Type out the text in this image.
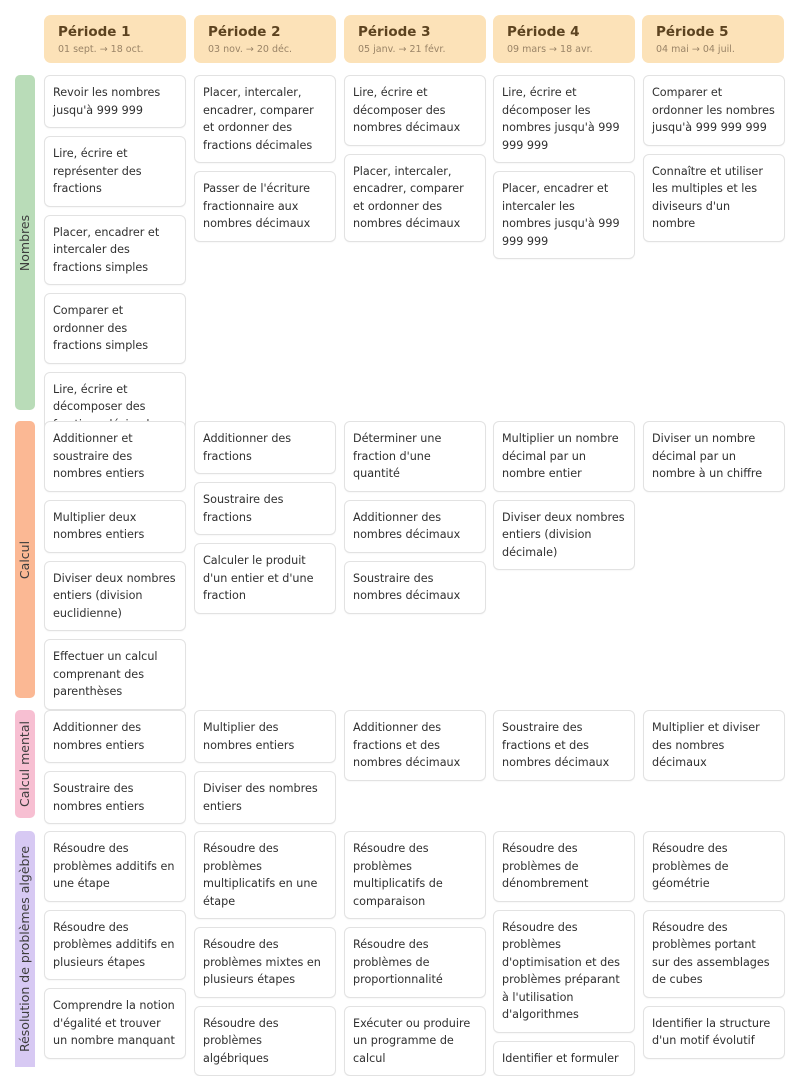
Période 1
01 sept. → 18 oct.
Période 2
03 nov. → 20 déc.
Période 3
05 janv. → 21 févr.
Période 4
09 mars → 18 avr.
Période 5
04 mai → 04 juil.
Nombres
Revoir les nombres jusqu'à 999 999
Lire, écrire et représenter des fractions
Placer, encadrer et intercaler des fractions simples
Comparer et ordonner des fractions simples
Lire, écrire et décomposer des
Placer, intercaler, encadrer, comparer et ordonner des fractions décimales
Passer de l'écriture fractionnaire aux nombres décimaux
Lire, écrire et décomposer des nombres décimaux
Placer, intercaler, encadrer, comparer et ordonner des nombres décimaux
Lire, écrire et décomposer les nombres jusqu'à 999 999 999
Placer, encadrer et intercaler les nombres jusqu'à 999 999 999
Comparer et ordonner les nombres jusqu'à 999 999 999
Connaître et utiliser les multiples et les diviseurs d'un nombre
Calcul
Additionner et soustraire des nombres entiers
Multiplier deux nombres entiers
Diviser deux nombres entiers (division euclidienne)
Effectuer un calcul comprenant des parenthèses
Additionner des fractions
Soustraire des fractions
Calculer le produit d'un entier et d'une fraction
Déterminer une fraction d'une quantité
Additionner des nombres décimaux
Soustraire des nombres décimaux
Multiplier un nombre décimal par un nombre entier
Diviser deux nombres entiers (division décimale)
Diviser un nombre décimal par un nombre à un chiffre
Calcul mental	Additionner des nombres entiers
Soustraire des nombres entiers
Multiplier des nombres entiers
Diviser des nombres entiers
Additionner des fractions et des nombres décimaux
Soustraire des fractions et des nombres décimaux
Multiplier et diviser des nombres décimaux
Résolution de problèmes algèbre	Résoudre des problèmes additifs en une étape
Résoudre des problèmes additifs en plusieurs étapes
Comprendre la notion d'égalité et trouver un nombre manquant
Résoudre des problèmes multiplicatifs en une étape
Résoudre des problèmes mixtes en plusieurs étapes
Résoudre des problèmes algébriques
Résoudre des problèmes multiplicatifs de comparaison
Résoudre des problèmes de proportionnalité
Exécuter ou produire un programme de calcul
Résoudre des problèmes de dénombrement
Résoudre des problèmes d'optimisation et des problèmes préparant à l'utilisation d'algorithmes
Identifier et formuler
Résoudre des problèmes de géométrie
Résoudre des problèmes portant sur des assemblages de cubes
Identifier la structure d'un motif évolutif
